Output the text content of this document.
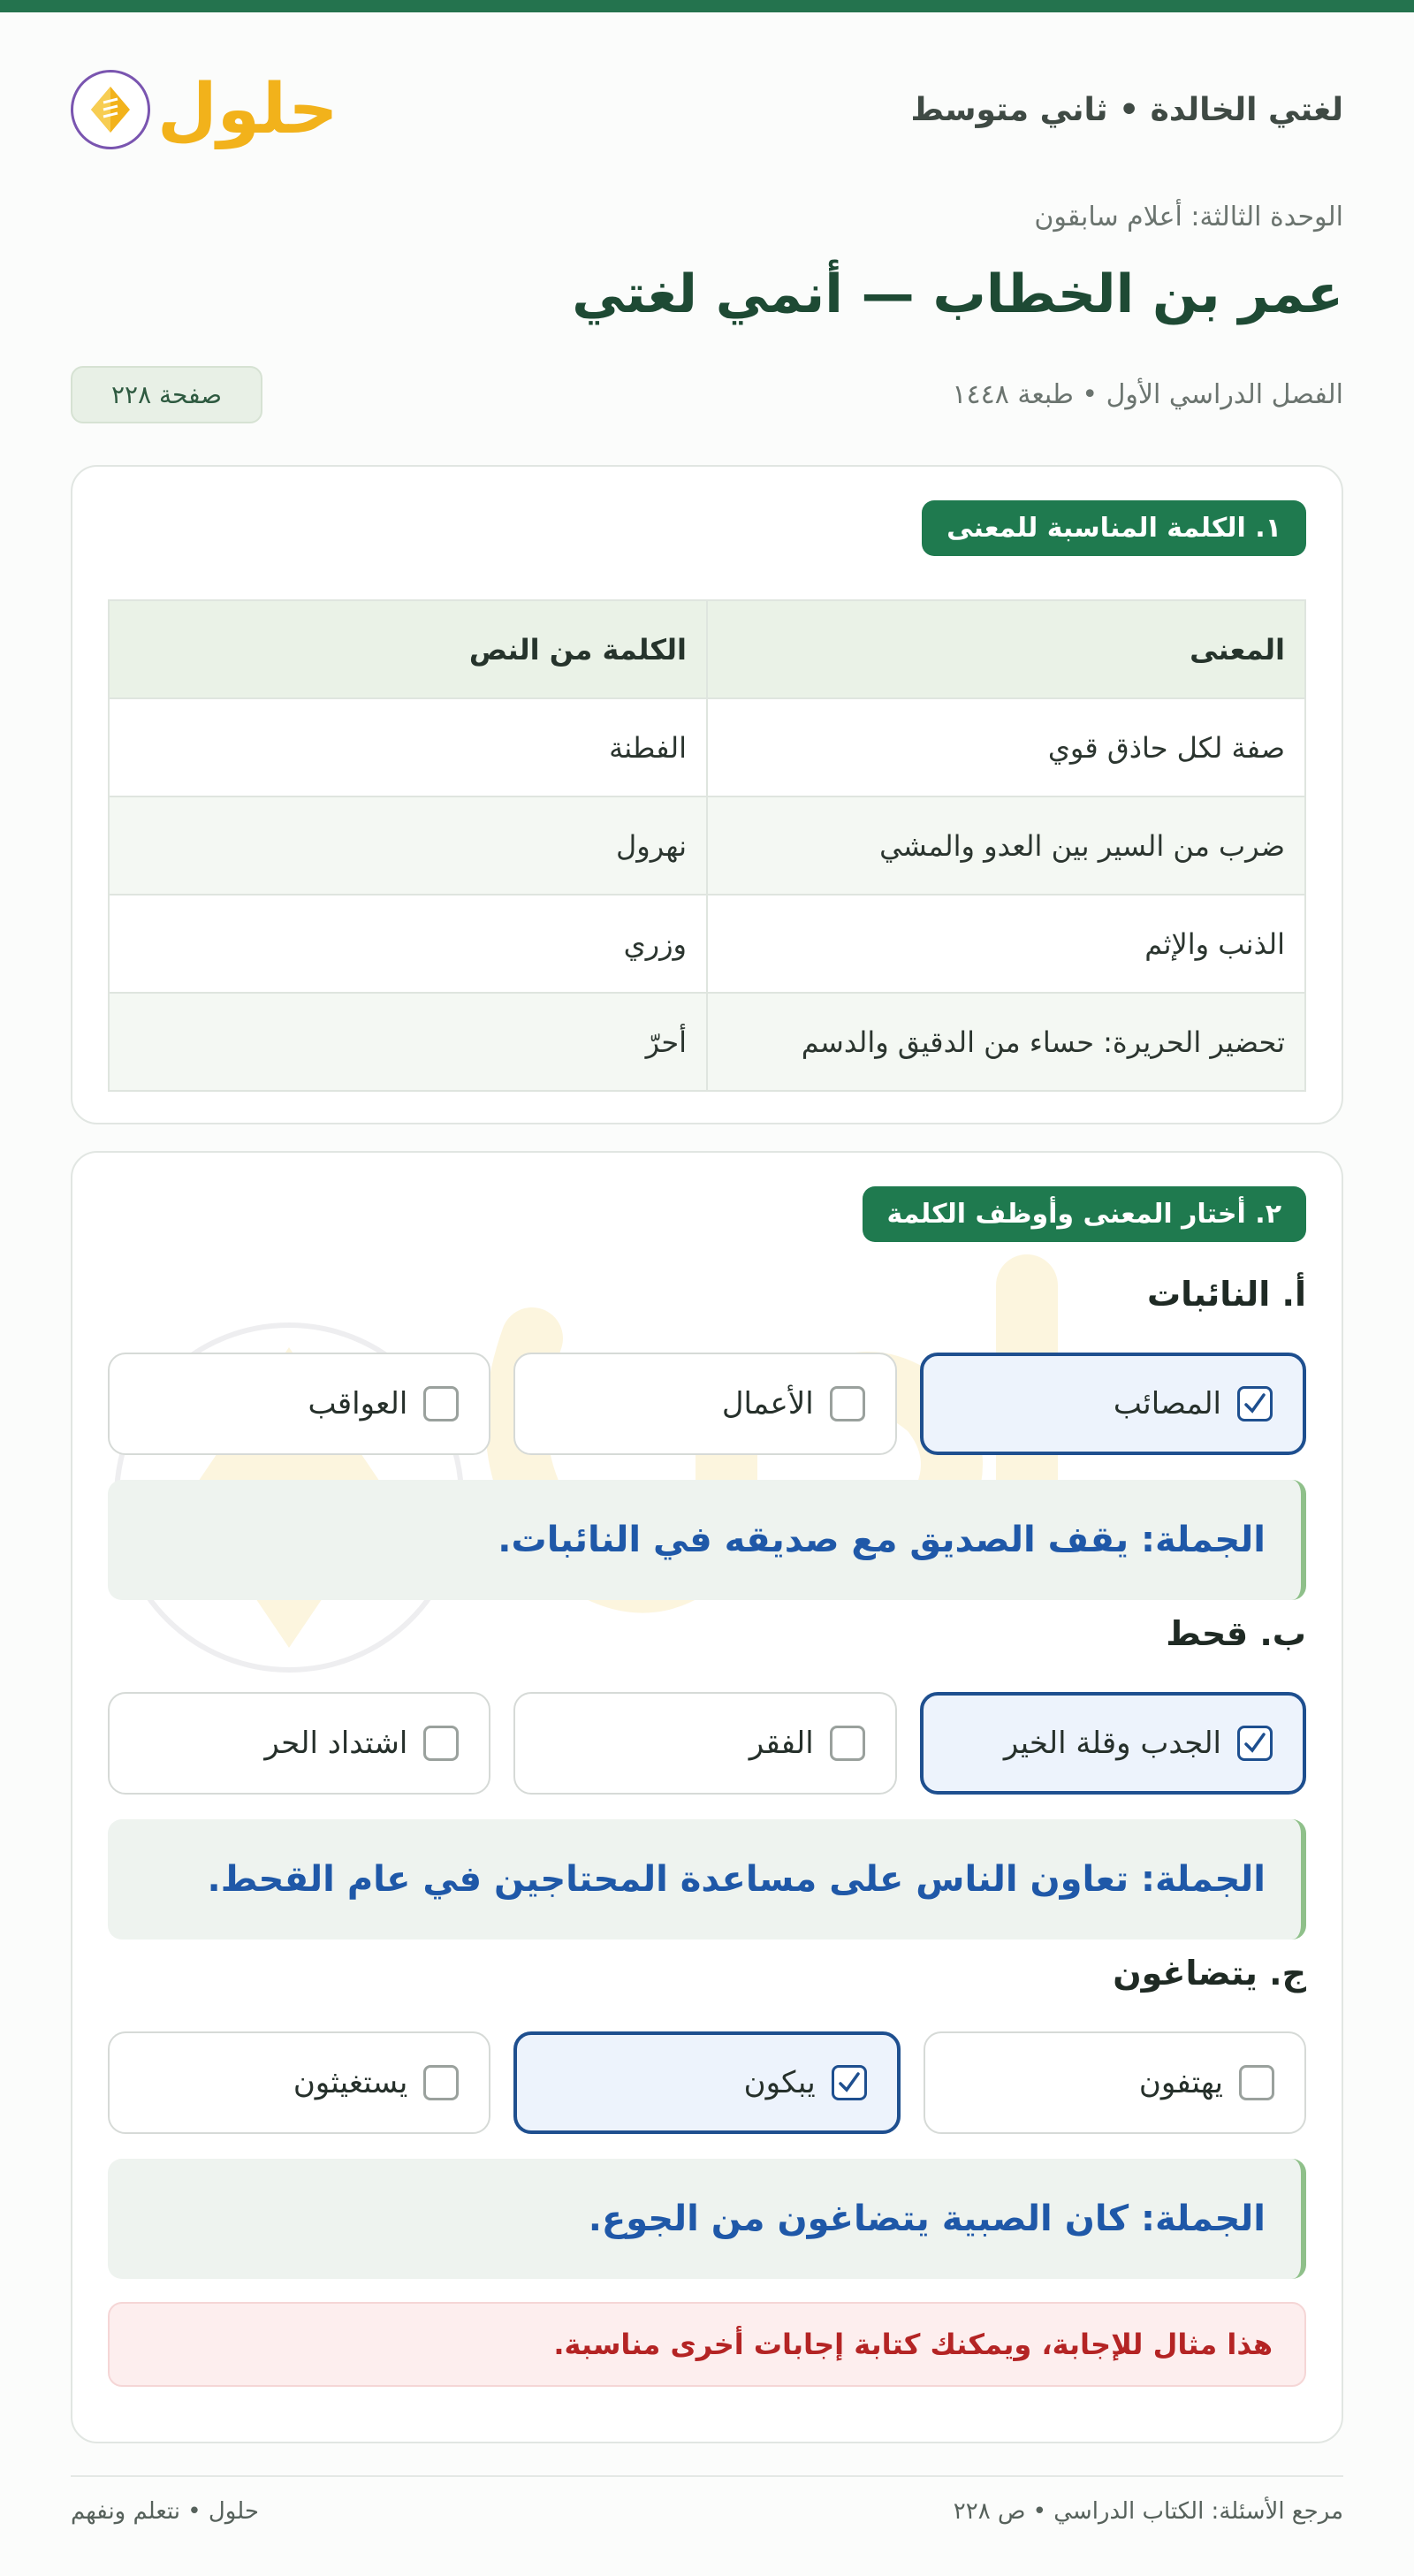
لغتي الخالدة • ثاني متوسط
حلول
الوحدة الثالثة: أعلام سابقون
عمر بن الخطاب — أنمي لغتي
الفصل الدراسي الأول • طبعة ١٤٤٨
صفحة ٢٢٨
١. الكلمة المناسبة للمعنى
المعنى	الكلمة من النص
صفة لكل حاذق قوي	الفطنة
ضرب من السير بين العدو والمشي	نهرول
الذنب والإثم	وزري
تحضير الحريرة: حساء من الدقيق والدسم	أحرّ
٢. أختار المعنى وأوظف الكلمة
أ. النائبات
المصائب
الأعمال
العواقب
الجملة: يقف الصديق مع صديقه في النائبات.
ب. قحط
الجدب وقلة الخير
الفقر
اشتداد الحر
الجملة: تعاون الناس على مساعدة المحتاجين في عام القحط.
ج. يتضاغون
يهتفون
يبكون
يستغيثون
الجملة: كان الصبية يتضاغون من الجوع.
هذا مثال للإجابة، ويمكنك كتابة إجابات أخرى مناسبة.
مرجع الأسئلة: الكتاب الدراسي • ص ٢٢٨
حلول • نتعلم ونفهم
